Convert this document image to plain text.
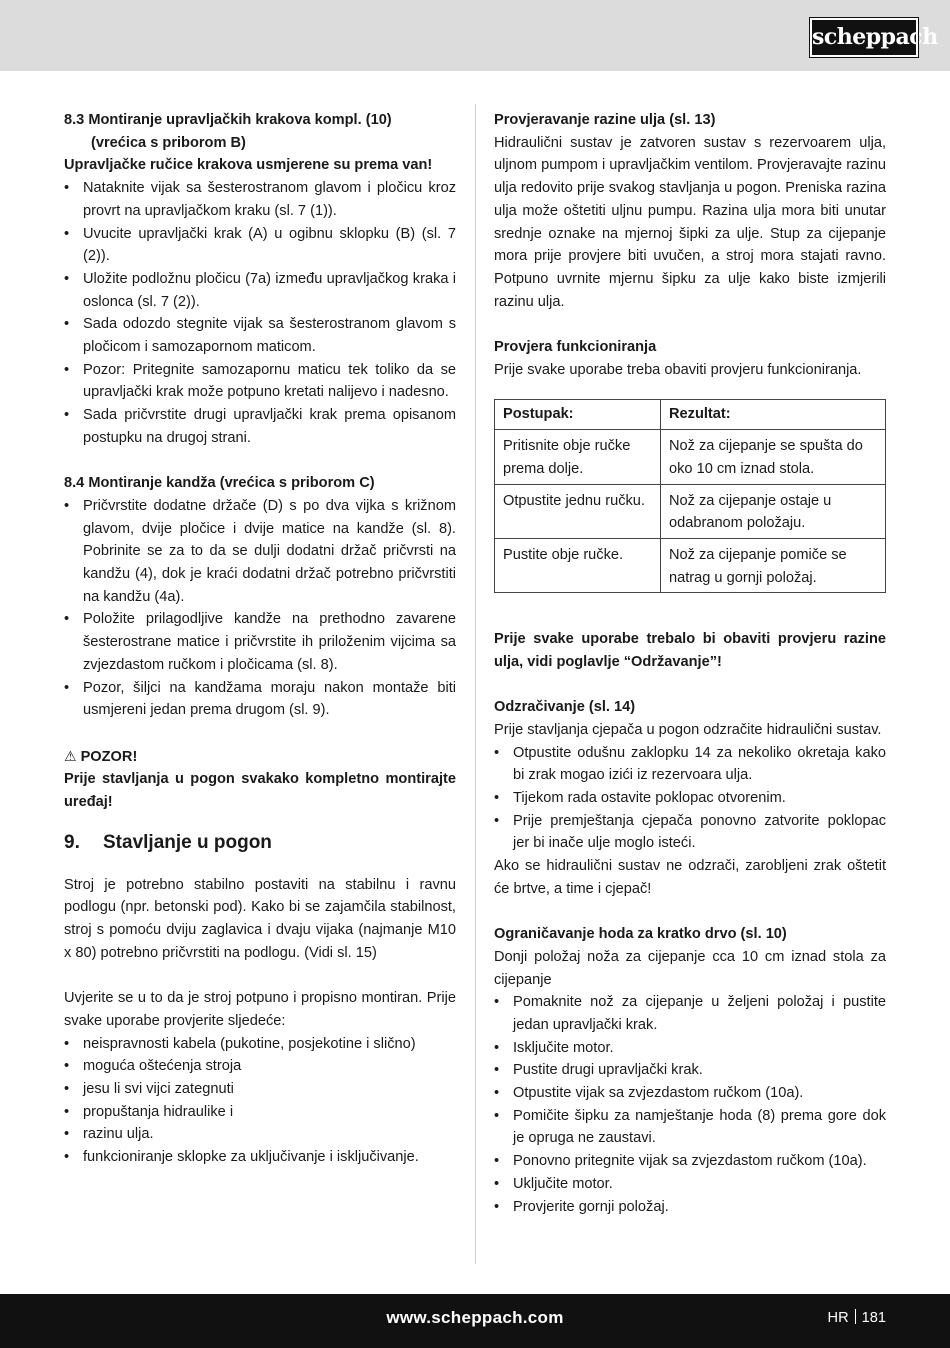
scheppach

8.3 Montiranje upravljačkih krakova kompl. (10)

(vrećica s priborom B)

Upravljačke ručice krakova usmjerene su prema van!

• Nataknite vijak sa šesterostranom glavom i pločicu kroz provrt na upravljačkom kraku (sl. 7 (1)).
• Uvucite upravljački krak (A) u ogibnu sklopku (B) (sl. 7 (2)).
• Uložite podložnu pločicu (7a) između upravljačkog kraka i oslonca (sl. 7 (2)).
• Sada odozdo stegnite vijak sa šesterostranom glavom s pločicom i samozapornom maticom.
• Pozor: Pritegnite samozapornu maticu tek toliko da se upravljački krak može potpuno kretati nalijevo i nadesno.
• Sada pričvrstite drugi upravljački krak prema opisanom postupku na drugoj strani.

8.4 Montiranje kandža (vrećica s priborom C)

• Pričvrstite dodatne držače (D) s po dva vijka s križnom glavom, dvije pločice i dvije matice na kandže (sl. 8). Pobrinite se za to da se dulji dodatni držač pričvrsti na kandžu (4), dok je kraći dodatni držač potrebno pričvrstiti na kandžu (4a).
• Položite prilagodljive kandže na prethodno zavarene šesterostrane matice i pričvrstite ih priloženim vijcima sa zvjezdastom ručkom i pločicama (sl. 8).
• Pozor, šiljci na kandžama moraju nakon montaže biti usmjereni jedan prema drugom (sl. 9).

⚠ POZOR!

Prije stavljanja u pogon svakako kompletno montirajte uređaj!

9. Stavljanje u pogon

Stroj je potrebno stabilno postaviti na stabilnu i ravnu podlogu (npr. betonski pod). Kako bi se zajamčila stabilnost, stroj s pomoću dviju zaglavica i dvaju vijaka (najmanje M10 x 80) potrebno pričvrstiti na podlogu. (Vidi sl. 15)

Uvjerite se u to da je stroj potpuno i propisno montiran. Prije svake uporabe provjerite sljedeće:

• neispravnosti kabela (pukotine, posjekotine i slično)
• moguća oštećenja stroja
• jesu li svi vijci zategnuti
• propuštanja hidraulike i
• razinu ulja.
• funkcioniranje sklopke za uključivanje i isključivanje.

Provjeravanje razine ulja (sl. 13)

Hidraulični sustav je zatvoren sustav s rezervoarem ulja, uljnom pumpom i upravljačkim ventilom. Provjeravajte razinu ulja redovito prije svakog stavljanja u pogon. Preniska razina ulja može oštetiti uljnu pumpu. Razina ulja mora biti unutar srednje oznake na mjernoj šipki za ulje. Stup za cijepanje mora prije provjere biti uvučen, a stroj mora stajati ravno. Potpuno uvrnite mjernu šipku za ulje kako biste izmjerili razinu ulja.

Provjera funkcioniranja

Prije svake uporabe treba obaviti provjeru funkcioniranja.

Postupak:	Rezultat:
Pritisnite obje ručke prema dolje.	Nož za cijepanje se spušta do oko 10 cm iznad stola.
Otpustite jednu ručku.	Nož za cijepanje ostaje u odabranom položaju.
Pustite obje ručke.	Nož za cijepanje pomiče se natrag u gornji položaj.

Prije svake uporabe trebalo bi obaviti provjeru razine ulja, vidi poglavlje “Održavanje”!

Odzračivanje (sl. 14)

Prije stavljanja cjepača u pogon odzračite hidraulični sustav.

• Otpustite odušnu zaklopku 14 za nekoliko okretaja kako bi zrak mogao izići iz rezervoara ulja.
• Tijekom rada ostavite poklopac otvorenim.
• Prije premještanja cjepača ponovno zatvorite poklopac jer bi inače ulje moglo isteći.

Ako se hidraulični sustav ne odzrači, zarobljeni zrak oštetit će brtve, a time i cjepač!

Ograničavanje hoda za kratko drvo (sl. 10)

Donji položaj noža za cijepanje cca 10 cm iznad stola za cijepanje

• Pomaknite nož za cijepanje u željeni položaj i pustite jedan upravljački krak.
• Isključite motor.
• Pustite drugi upravljački krak.
• Otpustite vijak sa zvjezdastom ručkom (10a).
• Pomičite šipku za namještanje hoda (8) prema gore dok je opruga ne zaustavi.
• Ponovno pritegnite vijak sa zvjezdastom ručkom (10a).
• Uključite motor.
• Provjerite gornji položaj.
www.scheppach.com	HR 181
